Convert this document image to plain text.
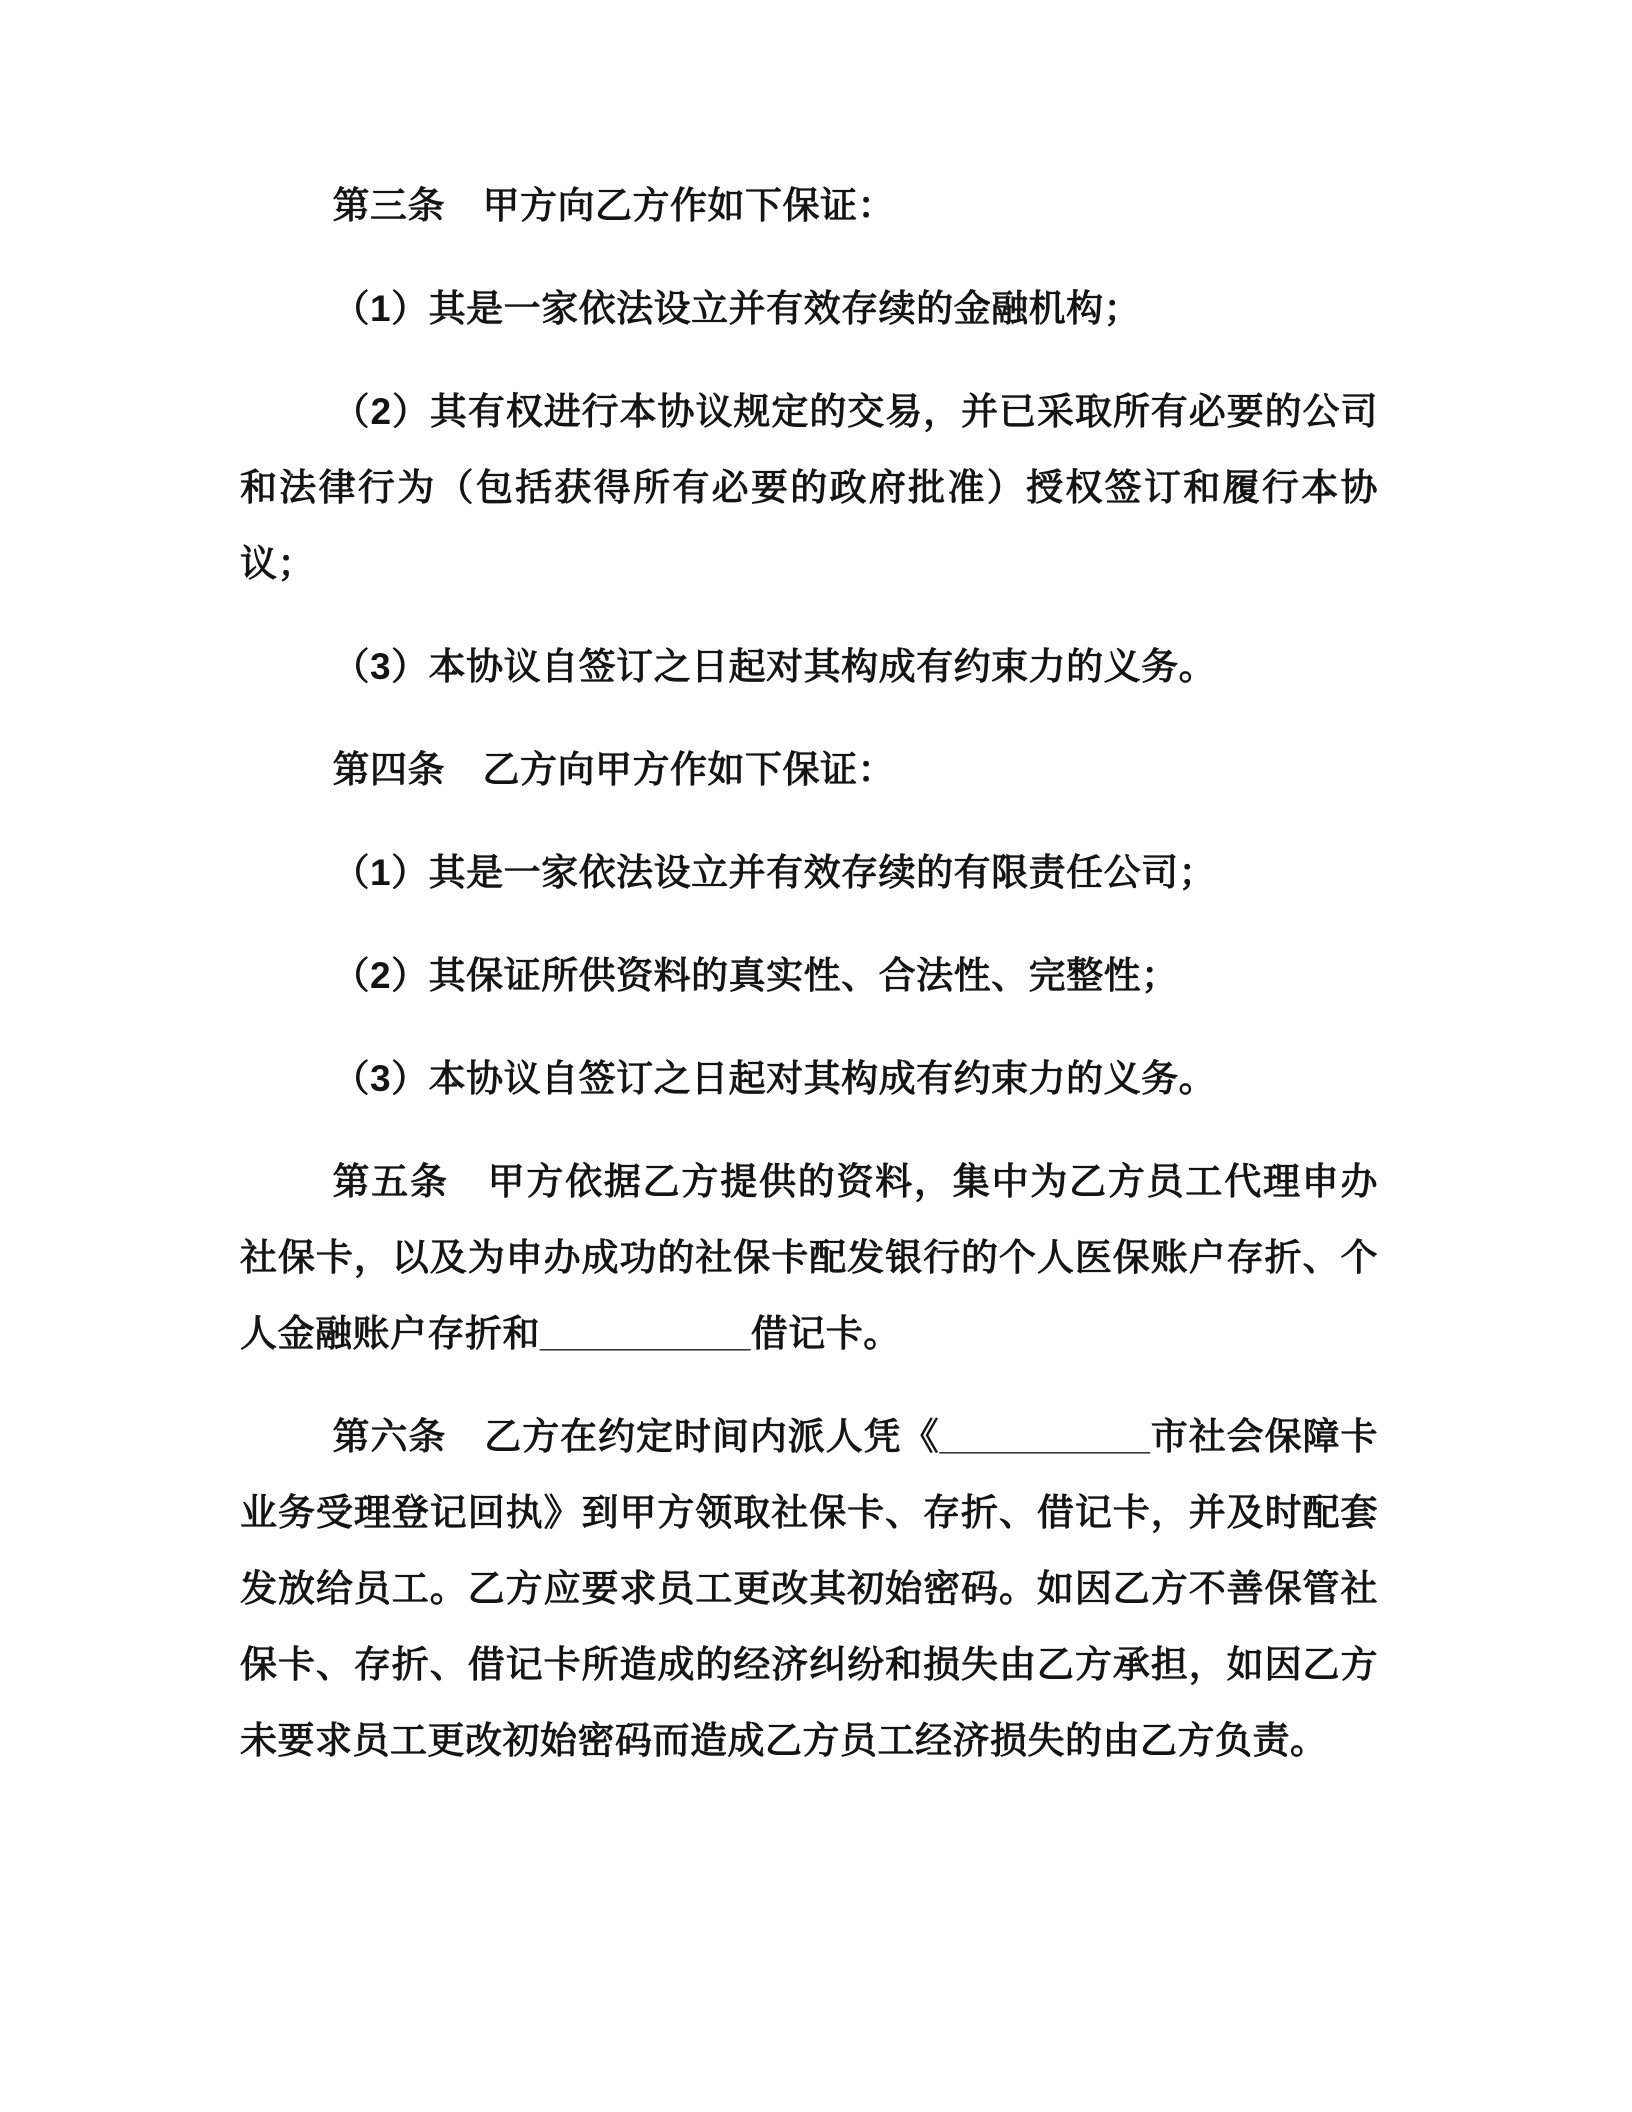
第三条　甲方向乙方作如下保证：

（1）其是一家依法设立并有效存续的金融机构；

（2）其有权进行本协议规定的交易，并已采取所有必要的公司和法律行为（包括获得所有必要的政府批准）授权签订和履行本协议；

（3）本协议自签订之日起对其构成有约束力的义务。

第四条　乙方向甲方作如下保证：

（1）其是一家依法设立并有效存续的有限责任公司；

（2）其保证所供资料的真实性、合法性、完整性；

（3）本协议自签订之日起对其构成有约束力的义务。

第五条　甲方依据乙方提供的资料，集中为乙方员工代理申办社保卡，以及为申办成功的社保卡配发银行的个人医保账户存折、个人金融账户存折和__________借记卡。

第六条　乙方在约定时间内派人凭《__________市社会保障卡业务受理登记回执》到甲方领取社保卡、存折、借记卡，并及时配套发放给员工。乙方应要求员工更改其初始密码。如因乙方不善保管社保卡、存折、借记卡所造成的经济纠纷和损失由乙方承担，如因乙方未要求员工更改初始密码而造成乙方员工经济损失的由乙方负责。
